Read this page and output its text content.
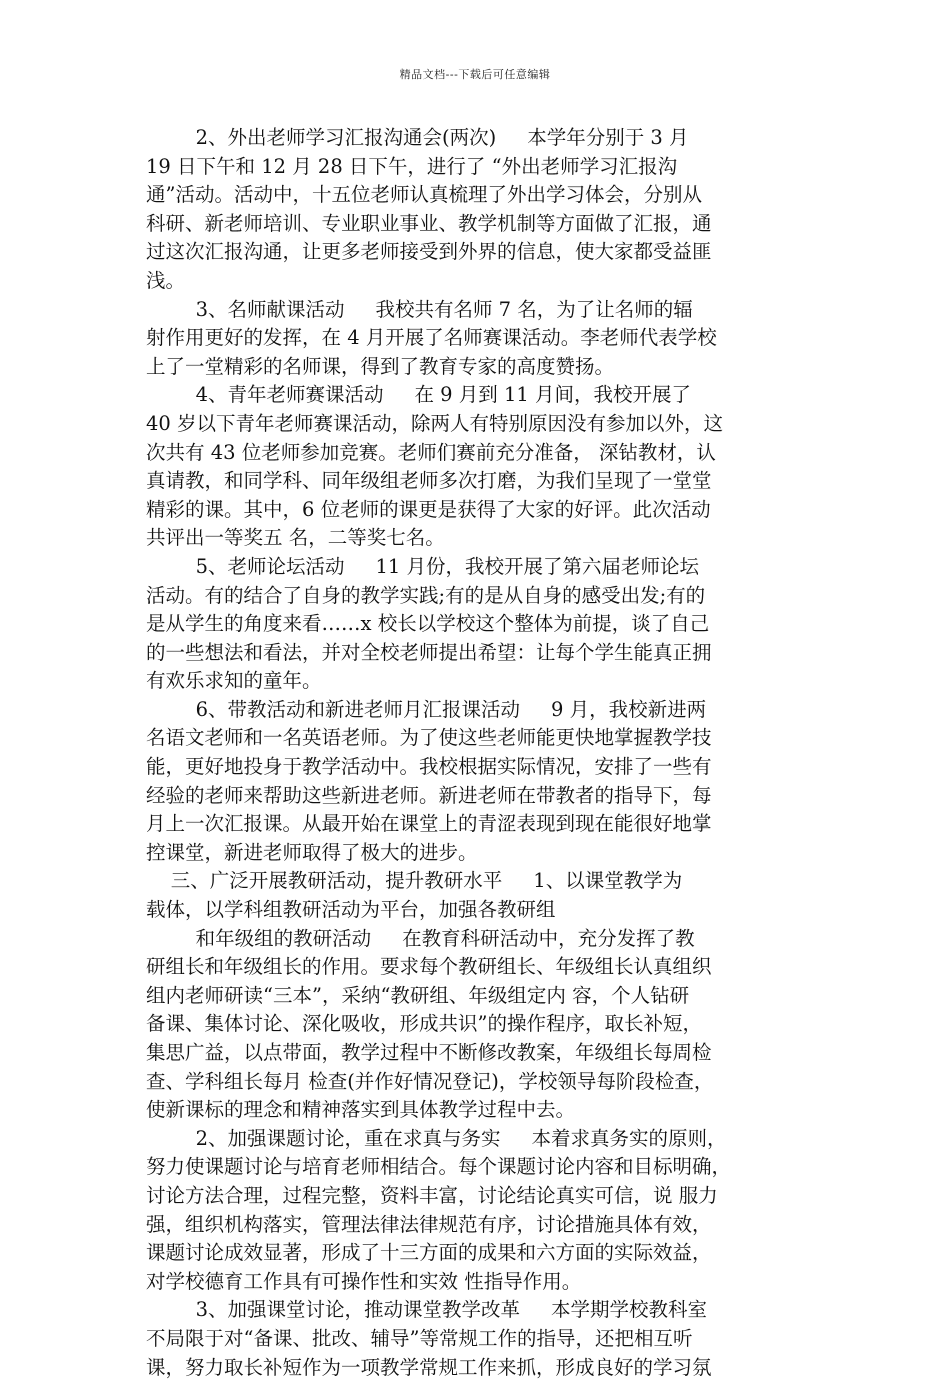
精品文档---下载后可任意编辑
2、外出老师学习汇报沟通会(两次)     本学年分别于 3 月
19 日下午和 12 月 28 日下午，进行了 “外出老师学习汇报沟
通”活动。活动中，十五位老师认真梳理了外出学习体会，分别从
科研、新老师培训、专业职业事业、教学机制等方面做了汇报，通
过这次汇报沟通，让更多老师接受到外界的信息，使大家都受益匪
浅。
3、名师献课活动     我校共有名师 7 名，为了让名师的辐
射作用更好的发挥，在 4 月开展了名师赛课活动。李老师代表学校
上了一堂精彩的名师课，得到了教育专家的高度赞扬。
4、青年老师赛课活动     在 9 月到 11 月间，我校开展了
40 岁以下青年老师赛课活动，除两人有特别原因没有参加以外，这
次共有 43 位老师参加竞赛。老师们赛前充分准备， 深钻教材，认
真请教，和同学科、同年级组老师多次打磨，为我们呈现了一堂堂
精彩的课。其中，6 位老师的课更是获得了大家的好评。此次活动
共评出一等奖五 名，二等奖七名。
5、老师论坛活动     11 月份，我校开展了第六届老师论坛
活动。有的结合了自身的教学实践;有的是从自身的感受出发;有的
是从学生的角度来看……x 校长以学校这个整体为前提，谈了自己
的一些想法和看法，并对全校老师提出希望：让每个学生能真正拥
有欢乐求知的童年。
6、带教活动和新进老师月汇报课活动     9 月，我校新进两
名语文老师和一名英语老师。为了使这些老师能更快地掌握教学技
能，更好地投身于教学活动中。我校根据实际情况，安排了一些有
经验的老师来帮助这些新进老师。新进老师在带教者的指导下，每
月上一次汇报课。从最开始在课堂上的青涩表现到现在能很好地掌
控课堂，新进老师取得了极大的进步。
三、广泛开展教研活动，提升教研水平     1、以课堂教学为
载体，以学科组教研活动为平台，加强各教研组
和年级组的教研活动     在教育科研活动中，充分发挥了教
研组长和年级组长的作用。要求每个教研组长、年级组长认真组织
组内老师研读“三本”，采纳“教研组、年级组定内 容，个人钻研
备课、集体讨论、深化吸收，形成共识”的操作程序，取长补短，
集思广益，以点带面，教学过程中不断修改教案，年级组长每周检
查、学科组长每月 检查(并作好情况登记)，学校领导每阶段检查，
使新课标的理念和精神落实到具体教学过程中去。
2、加强课题讨论，重在求真与务实     本着求真务实的原则，
努力使课题讨论与培育老师相结合。每个课题讨论内容和目标明确，
讨论方法合理，过程完整，资料丰富，讨论结论真实可信，说 服力
强，组织机构落实，管理法律法律规范有序，讨论措施具体有效，
课题讨论成效显著，形成了十三方面的成果和六方面的实际效益，
对学校德育工作具有可操作性和实效 性指导作用。
3、加强课堂讨论，推动课堂教学改革     本学期学校教科室
不局限于对“备课、批改、辅导”等常规工作的指导，还把相互听
课，努力取长补短作为一项教学常规工作来抓，形成良好的学习氛
